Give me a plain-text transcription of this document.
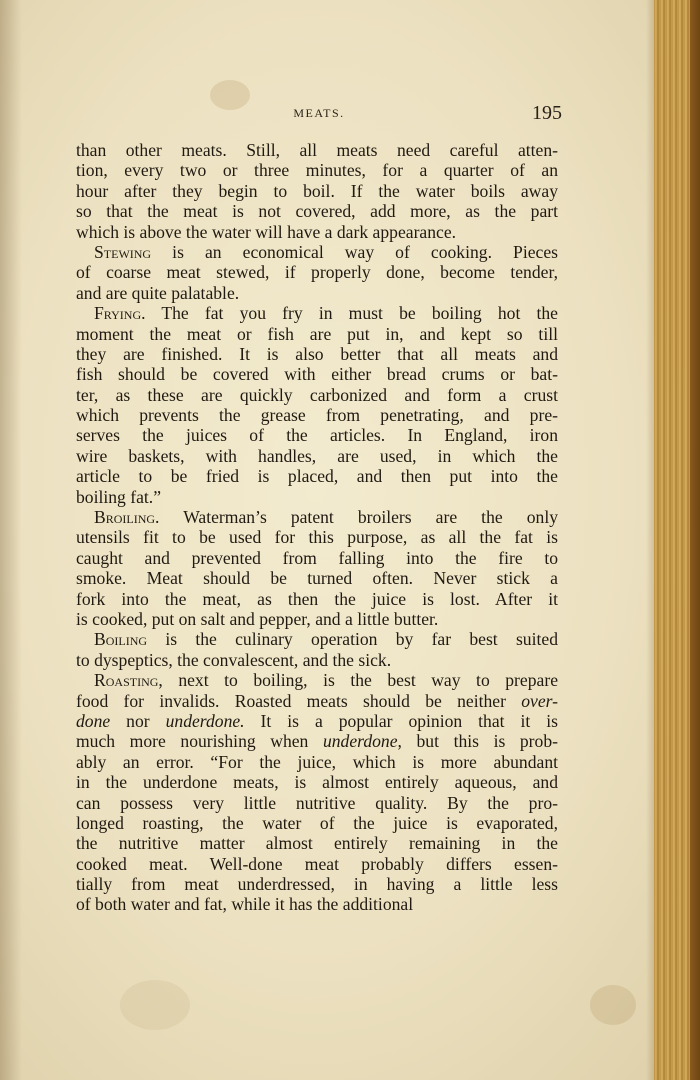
MEATS.	195
than other meats. Still, all meats need careful atten-
tion, every two or three minutes, for a quarter of an
hour after they begin to boil. If the water boils away
so that the meat is not covered, add more, as the part
which is above the water will have a dark appearance.
Stewing is an economical way of cooking. Pieces
of coarse meat stewed, if properly done, become tender,
and are quite palatable.
Frying. The fat you fry in must be boiling hot the
moment the meat or fish are put in, and kept so till
they are finished. It is also better that all meats and
fish should be covered with either bread crums or bat-
ter, as these are quickly carbonized and form a crust
which prevents the grease from penetrating, and pre-
serves the juices of the articles. In England, iron
wire baskets, with handles, are used, in which the
article to be fried is placed, and then put into the
boiling fat.”
Broiling. Waterman’s patent broilers are the only
utensils fit to be used for this purpose, as all the fat is
caught and prevented from falling into the fire to
smoke. Meat should be turned often. Never stick a
fork into the meat, as then the juice is lost. After it
is cooked, put on salt and pepper, and a little butter.
Boiling is the culinary operation by far best suited
to dyspeptics, the convalescent, and the sick.
Roasting, next to boiling, is the best way to prepare
food for invalids. Roasted meats should be neither over-
done nor underdone. It is a popular opinion that it is
much more nourishing when underdone, but this is prob-
ably an error. “For the juice, which is more abundant
in the underdone meats, is almost entirely aqueous, and
can possess very little nutritive quality. By the pro-
longed roasting, the water of the juice is evaporated,
the nutritive matter almost entirely remaining in the
cooked meat. Well-done meat probably differs essen-
tially from meat underdressed, in having a little less
of both water and fat, while it has the additional
